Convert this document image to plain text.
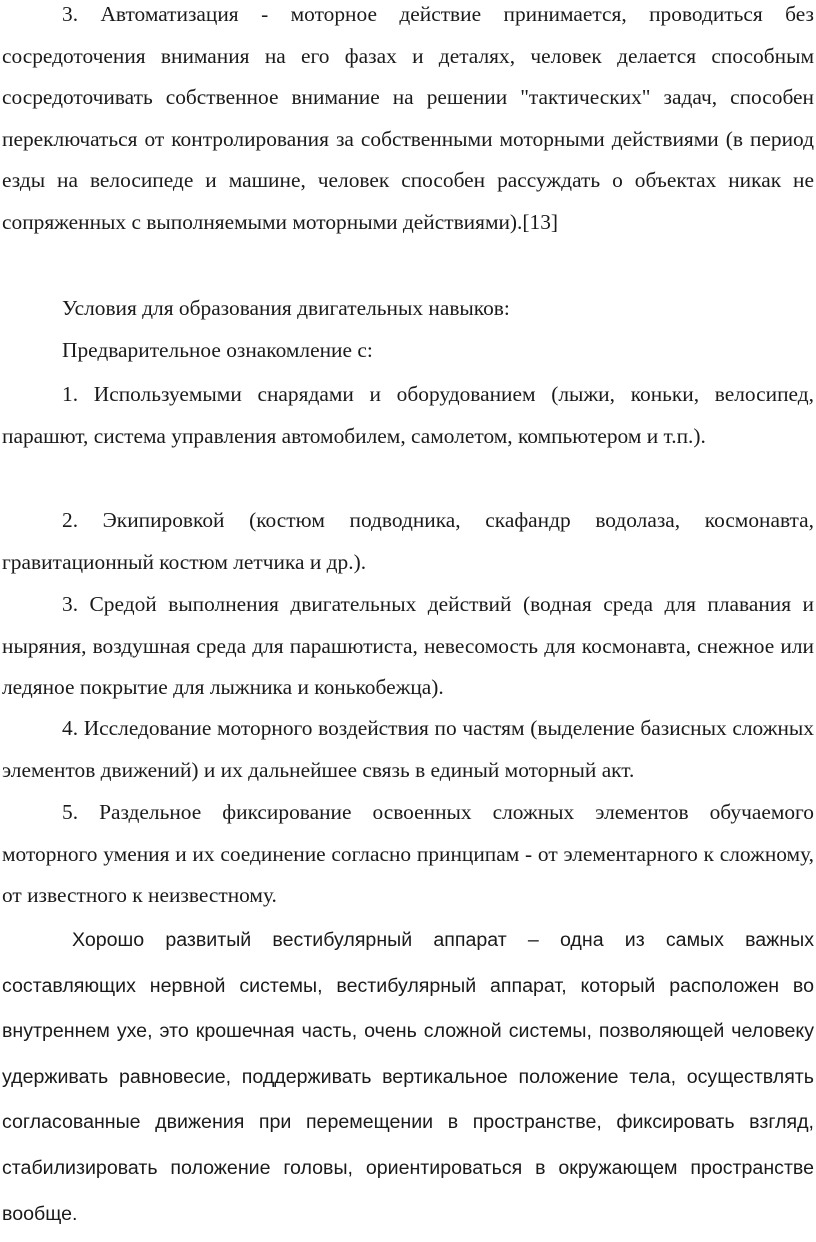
3. Автоматизация - моторное действие принимается, проводиться без сосредоточения внимания на его фазах и деталях, человек делается способным сосредоточивать собственное внимание на решении "тактических" задач, способен переключаться от контролирования за собственными моторными действиями (в период езды на велосипеде и машине, человек способен рассуждать о объектах никак не сопряженных с выполняемыми моторными действиями).[13]

Условия для образования двигательных навыков:

Предварительное ознакомление с:

1. Используемыми снарядами и оборудованием (лыжи, коньки, велосипед, парашют, система управления автомобилем, самолетом, компьютером и т.п.).

2. Экипировкой (костюм подводника, скафандр водолаза, космонавта, гравитационный костюм летчика и др.).

3. Средой выполнения двигательных действий (водная среда для плавания и ныряния, воздушная среда для парашютиста, невесомость для космонавта, снежное или ледяное покрытие для лыжника и конькобежца).

4. Исследование моторного воздействия по частям (выделение базисных сложных элементов движений) и их дальнейшее связь в единый моторный акт.

5. Раздельное фиксирование освоенных сложных элементов обучаемого моторного умения и их соединение согласно принципам - от элементарного к сложному, от известного к неизвестному.

Хорошо развитый вестибулярный аппарат – одна из самых важных составляющих нервной системы, вестибулярный аппарат, который расположен во внутреннем ухе, это крошечная часть, очень сложной системы, позволяющей человеку удерживать равновесие, поддерживать вертикальное положение тела, осуществлять согласованные движения при перемещении в пространстве, фиксировать взгляд, стабилизировать положение головы, ориентироваться в окружающем пространстве вообще.
